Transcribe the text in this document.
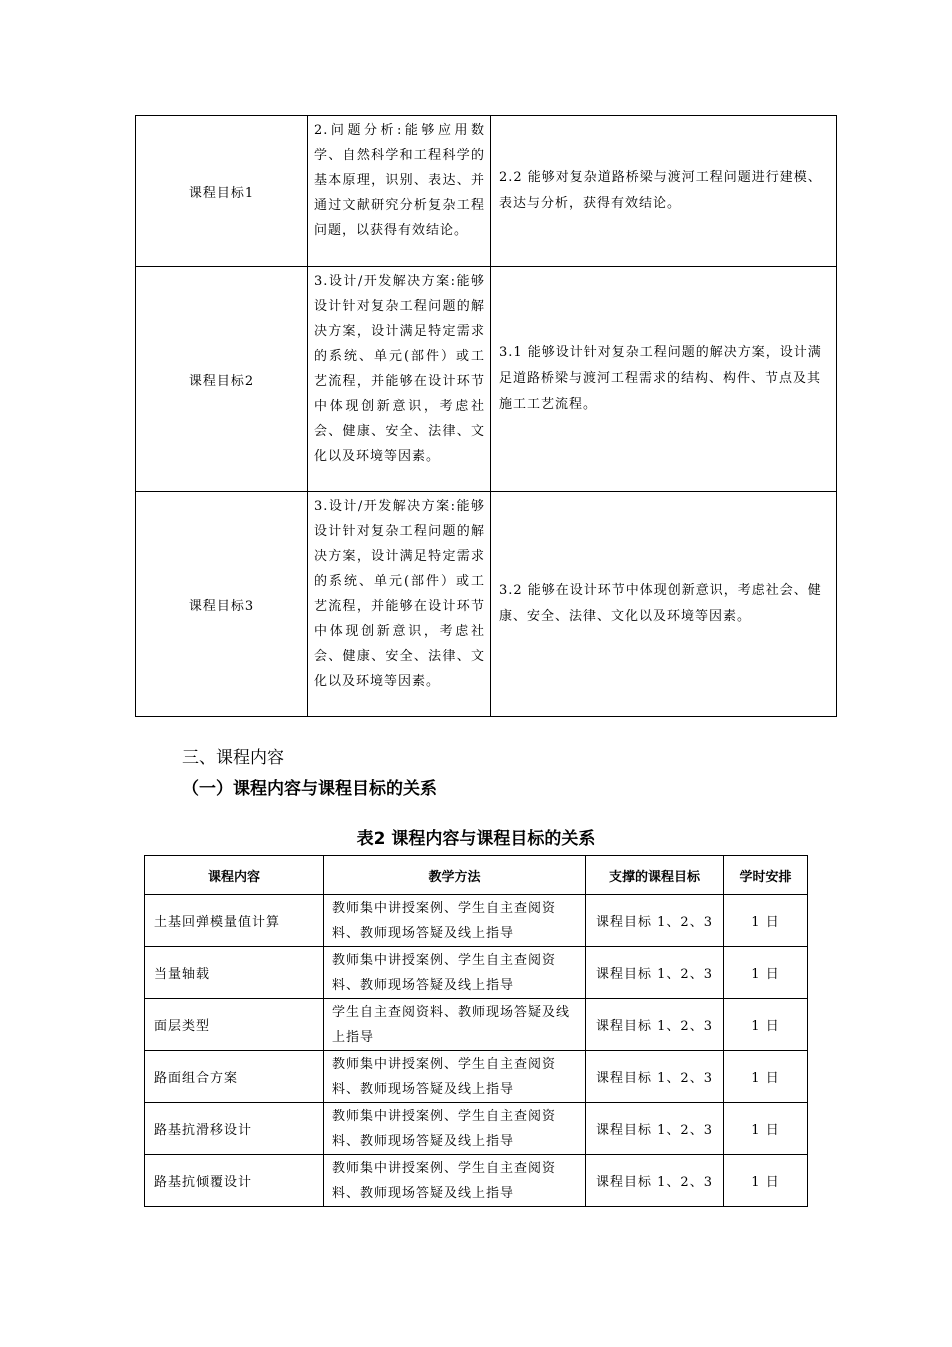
课程目标1	2.问题分析:能够应用数学、自然科学和工程科学的基本原理，识别、表达、并通过文献研究分析复杂工程问题，以获得有效结论。	2.2 能够对复杂道路桥梁与渡河工程问题进行建模、表达与分析，获得有效结论。
课程目标2	3.设计/开发解决方案:能够设计针对复杂工程问题的解决方案，设计满足特定需求的系统、单元(部件）或工艺流程，并能够在设计环节中体现创新意识，考虑社会、健康、安全、法律、文化以及环境等因素。	3.1 能够设计针对复杂工程问题的解决方案，设计满足道路桥梁与渡河工程需求的结构、构件、节点及其施工工艺流程。
课程目标3	3.设计/开发解决方案:能够设计针对复杂工程问题的解决方案，设计满足特定需求的系统、单元(部件）或工艺流程，并能够在设计环节中体现创新意识，考虑社会、健康、安全、法律、文化以及环境等因素。	3.2 能够在设计环节中体现创新意识，考虑社会、健康、安全、法律、文化以及环境等因素。
三、课程内容
（一）课程内容与课程目标的关系
表2 课程内容与课程目标的关系
课程内容	教学方法	支撑的课程目标	学时安排
土基回弹模量值计算	教师集中讲授案例、学生自主查阅资料、教师现场答疑及线上指导	课程目标 1、2、3	1 日
当量轴载	教师集中讲授案例、学生自主查阅资料、教师现场答疑及线上指导	课程目标 1、2、3	1 日
面层类型	学生自主查阅资料、教师现场答疑及线上指导	课程目标 1、2、3	1 日
路面组合方案	教师集中讲授案例、学生自主查阅资料、教师现场答疑及线上指导	课程目标 1、2、3	1 日
路基抗滑移设计	教师集中讲授案例、学生自主查阅资料、教师现场答疑及线上指导	课程目标 1、2、3	1 日
路基抗倾覆设计	教师集中讲授案例、学生自主查阅资料、教师现场答疑及线上指导	课程目标 1、2、3	1 日
